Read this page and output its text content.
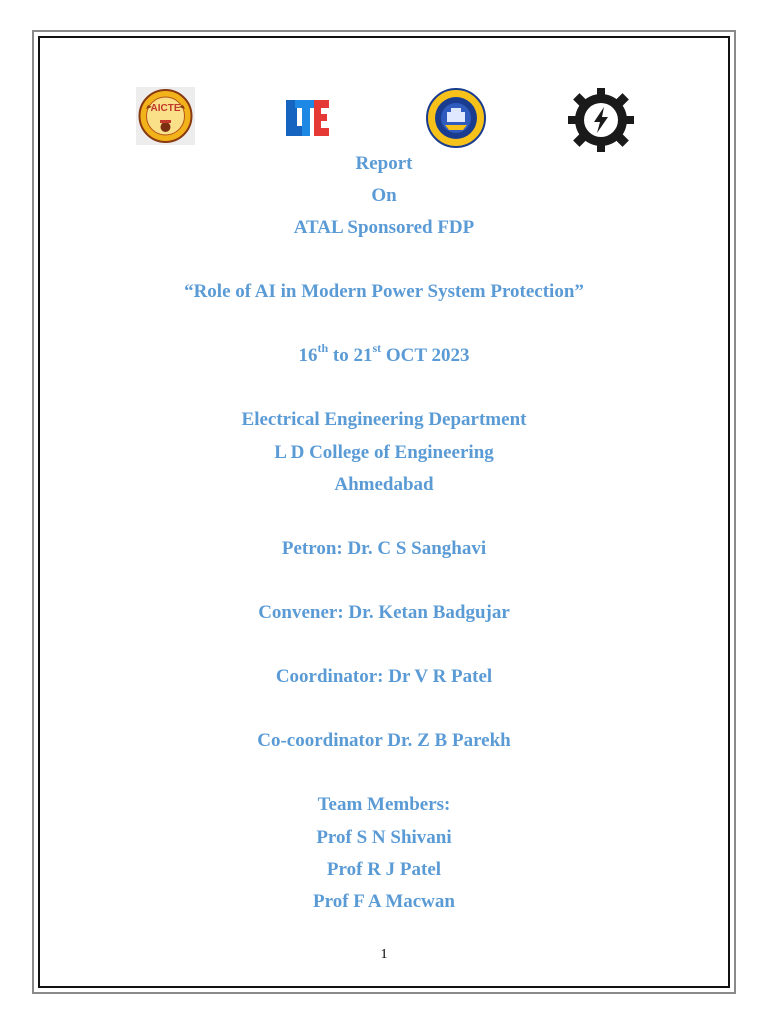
AICTE
Report
On
ATAL Sponsored FDP
“Role of AI in Modern Power System Protection”
16th to 21st OCT 2023
Electrical Engineering Department
L D College of Engineering
Ahmedabad
Petron: Dr. C S Sanghavi
Convener: Dr. Ketan Badgujar
Coordinator: Dr V R Patel
Co-coordinator Dr. Z B Parekh
Team Members:
Prof S N Shivani
Prof R J Patel
Prof F A Macwan
1
